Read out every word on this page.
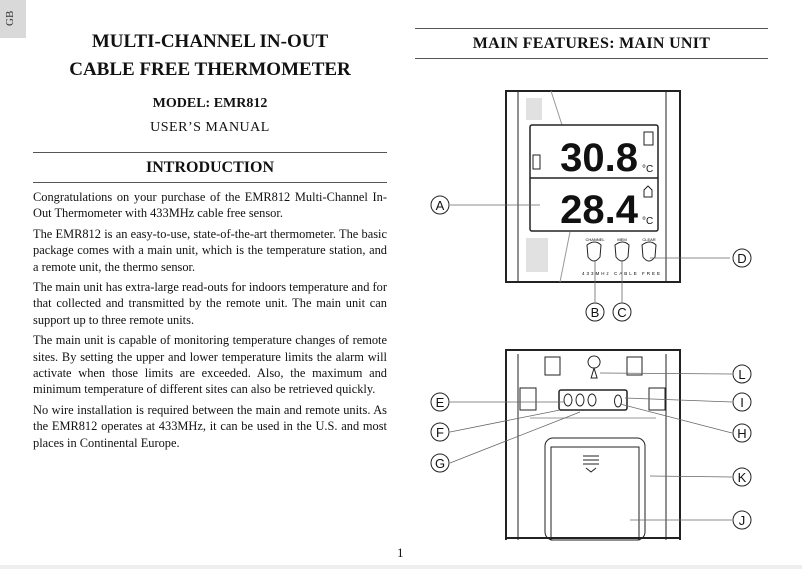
GB
MULTI-CHANNEL IN-OUT
CABLE FREE THERMOMETER
MODEL: EMR812
USER’S MANUAL
INTRODUCTION

Congratulations on your purchase of the EMR812 Multi-Channel In-Out Thermometer with 433MHz cable free sensor.

The EMR812 is an easy-to-use, state-of-the-art thermometer. The basic package comes with a main unit, which is the temperature station, and a remote unit, the thermo sensor.

The main unit has extra-large read-outs for indoors temperature and for that collected and transmitted by the remote unit. The main unit can support up to three remote units.

The main unit is capable of monitoring temperature changes of remote sites. By setting the upper and lower temperature limits the alarm will activate when those limits are exceeded. Also, the maximum and minimum temperature of different sites can also be retrieved quickly.

No wire installation is required between the main and remote units. As the EMR812 operates at 433MHz, it can be used in the U.S. and most places in Continental Europe.

MAIN FEATURES: MAIN UNIT
30.8
28.4
°C
°C
CHANNEL	MEM	CLEAR
433MHz CABLE FREE
A
B C
D
E
F
G
H
I
J
K
L
1
